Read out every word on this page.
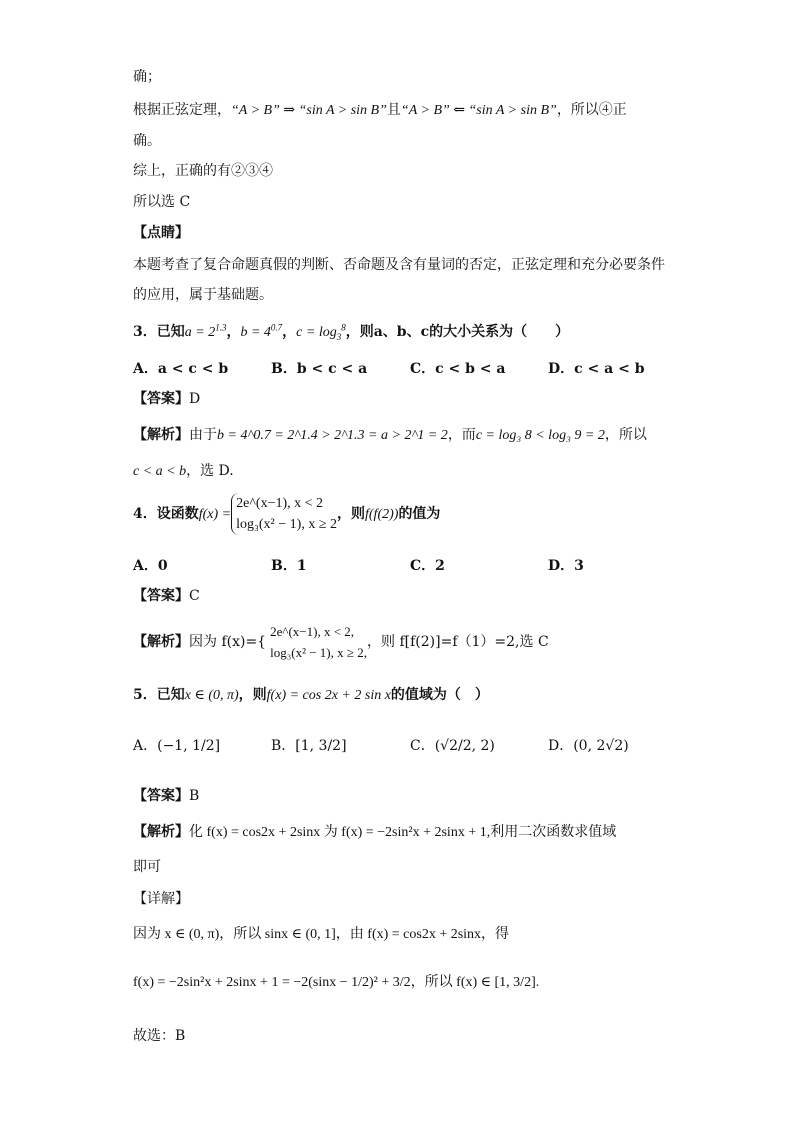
确；
根据正弦定理，“A > B” ⇒ “sin A > sin B”且“A > B” ⇐ “sin A > sin B”，所以④正
确。
综上，正确的有②③④
所以选 C
【点睛】
本题考查了复合命题真假的判断、否命题及含有量词的否定，正弦定理和充分必要条件
的应用，属于基础题。
3．已知$a = 2^{1.3}$，$b = 4^{0.7}$，$c = \log_3^8$，则a、b、c的大小关系为（　　）
A．a < c < b	B．b < c < a	C．c < b < a	D．c < a < b
【答案】D
【解析】由于b = 4^0.7 = 2^1.4 > 2^1.3 = a > 2^1 = 2，而c = log₃ 8 < log₃ 9 = 2，所以
c < a < b，选 D.
4．设函数f(x) =
2e^(x−1), x < 2
log₃(x² − 1), x ≥ 2
，则f(f(2))的值为
A．0	B．1	C．2	D．3
【答案】C
【解析】因为 f(x)={
2e^(x−1), x < 2,
log₃(x² − 1), x ≥ 2,
，则 f[f(2)]=f（1）=2,选 C
5．已知x ∈ (0, π)，则f(x) = cos 2x + 2 sin x的值域为（　）
A．(−1, 1/2]	B．[1, 3/2]	C．(√2/2, 2)	D．(0, 2√2)
【答案】B
【解析】化 f(x) = cos2x + 2sinx 为 f(x) = −2sin²x + 2sinx + 1,利用二次函数求值域
即可
【详解】
因为 x ∈ (0, π)，所以 sinx ∈ (0, 1]，由 f(x) = cos2x + 2sinx，得
f(x) = −2sin²x + 2sinx + 1 = −2(sinx − 1/2)² + 3/2，所以 f(x) ∈ [1, 3/2].
故选：B
